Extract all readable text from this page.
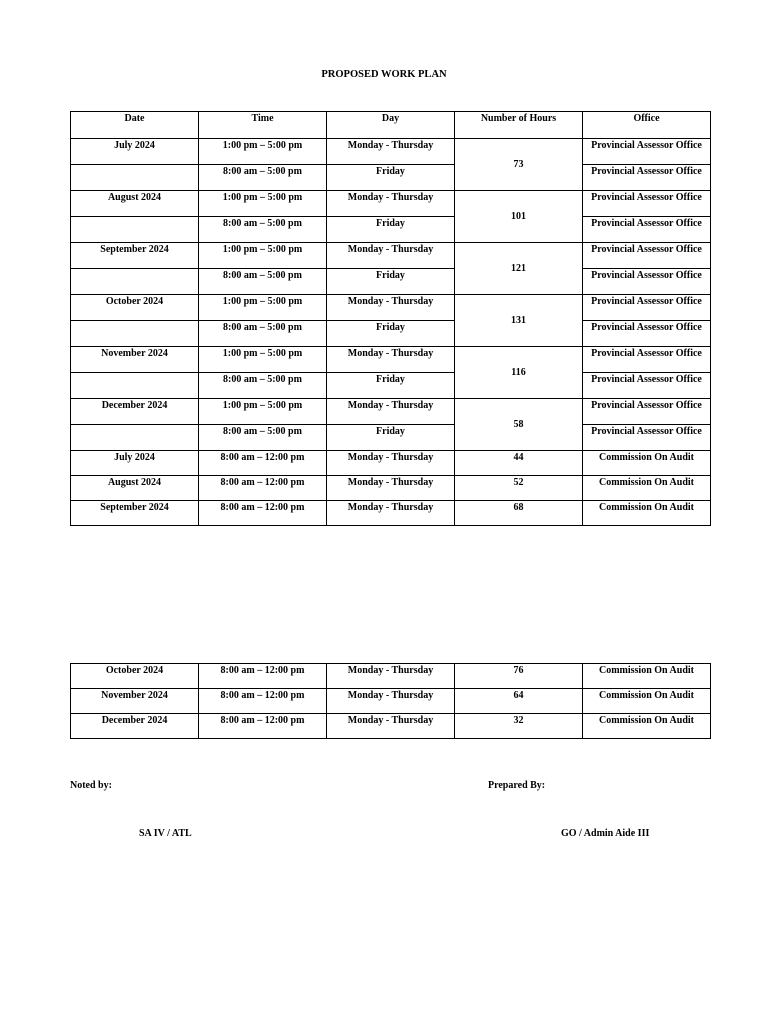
PROPOSED WORK PLAN
Date	Time	Day	Number of Hours	Office
July 2024	1:00 pm – 5:00 pm	Monday - Thursday	73	Provincial Assessor Office
	8:00 am – 5:00 pm	Friday		Provincial Assessor Office
August 2024	1:00 pm – 5:00 pm	Monday - Thursday	101	Provincial Assessor Office
	8:00 am – 5:00 pm	Friday		Provincial Assessor Office
September 2024	1:00 pm – 5:00 pm	Monday - Thursday	121	Provincial Assessor Office
	8:00 am – 5:00 pm	Friday		Provincial Assessor Office
October 2024	1:00 pm – 5:00 pm	Monday - Thursday	131	Provincial Assessor Office
	8:00 am – 5:00 pm	Friday		Provincial Assessor Office
November 2024	1:00 pm – 5:00 pm	Monday - Thursday	116	Provincial Assessor Office
	8:00 am – 5:00 pm	Friday		Provincial Assessor Office
December 2024	1:00 pm – 5:00 pm	Monday - Thursday	58	Provincial Assessor Office
	8:00 am – 5:00 pm	Friday		Provincial Assessor Office
July 2024	8:00 am – 12:00 pm	Monday - Thursday	44	Commission On Audit
August 2024	8:00 am – 12:00 pm	Monday - Thursday	52	Commission On Audit
September 2024	8:00 am – 12:00 pm	Monday - Thursday	68	Commission On Audit
October 2024	8:00 am – 12:00 pm	Monday - Thursday	76	Commission On Audit
November 2024	8:00 am – 12:00 pm	Monday - Thursday	64	Commission On Audit
December 2024	8:00 am – 12:00 pm	Monday - Thursday	32	Commission On Audit
Noted by:	Prepared By:
SA IV / ATL	GO / Admin Aide III
